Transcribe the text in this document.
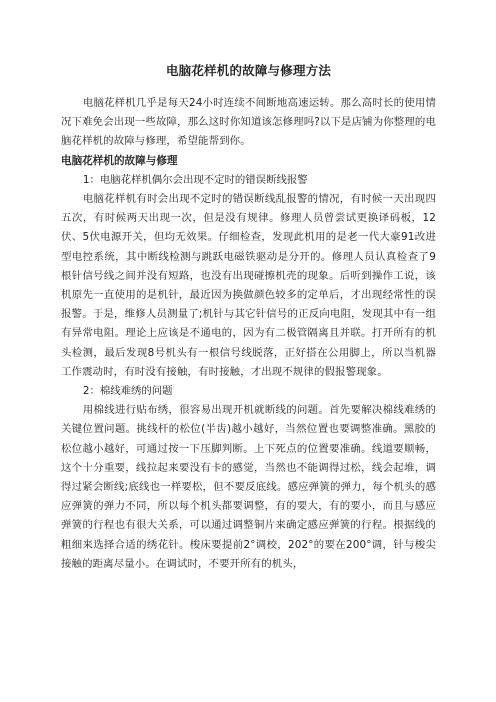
电脑花样机的故障与修理方法

电脑花样机几乎是每天24小时连续不间断地高速运转。那么高时长的使用情况下难免会出现一些故障，那么这时你知道该怎修理吗?以下是店铺为你整理的电脑花样机的故障与修理，希望能帮到你。

电脑花样机的故障与修理

1：电脑花样机偶尔会出现不定时的错误断线报警

电脑花样机有时会出现不定时的错误断线乱报警的情况，有时候一天出现四五次，有时候两天出现一次，但是没有规律。修理人员曾尝试更换译码板，12伏、5伏电源开关，但均无效果。仔细检查，发现此机用的是老一代大豪91改进型电控系统，其中断线检测与跳跃电磁铁驱动是分开的。修理人员认真检查了9根针信号线之间并没有短路，也没有出现碰擦机壳的现象。后听到操作工说，该机原先一直使用的是机针，最近因为换做颜色较多的定单后，才出现经常性的误报警。于是，维修人员测量了;机针与其它针信号的正反向电阻，发现其中有一组有异常电阻。理论上应该是不通电的，因为有二极管隔离且并联。打开所有的机头检测，最后发现8号机头有一根信号线脱落，正好搭在公用脚上，所以当机器工作震动时，有时没有接触，有时接触，才出现不规律的假报警现象。

2：棉线难绣的问题

用棉线进行贴布绣，很容易出现开机就断线的问题。首先要解决棉线难绣的关键位置问题。挑线杆的松位(半齿)越小越好，当然位置也要调整准确。黑胶的松位越小越好，可通过按一下压脚判断。上下死点的位置要准确。线道要顺畅，这个十分重要，线拉起来要没有卡的感觉，当然也不能调得过松，线会起堆，调得过紧会断线;底线也一样要松，但不要反底线。感应弹簧的弹力，每个机头的感应弹簧的弹力不同，所以每个机头都要调整，有的要大，有的要小，而且与感应弹簧的行程也有很大关系，可以通过调整铜片来确定感应弹簧的行程。根据线的粗细来选择合适的绣花针。梭床要提前2°调校，202°的要在200°调，针与梭尖接触的距离尽量小。在调试时，不要开所有的机头，
